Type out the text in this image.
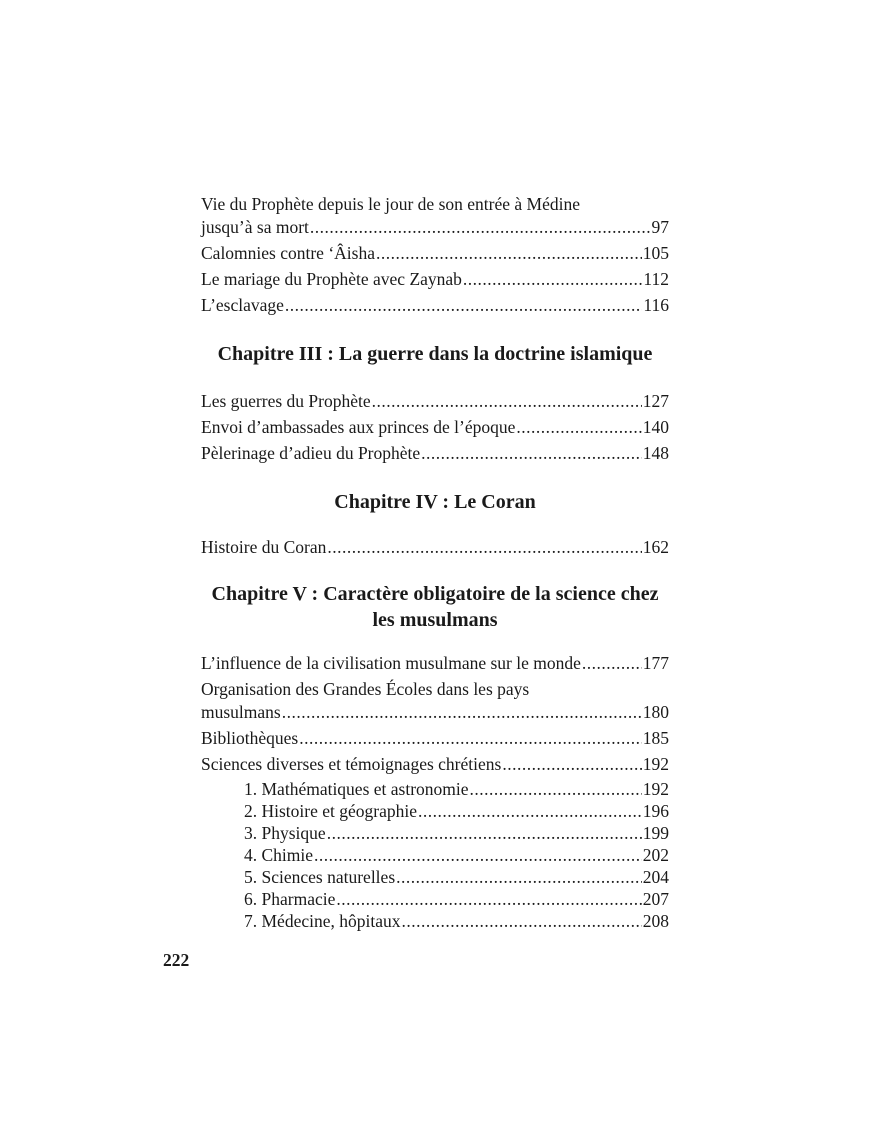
Vie du Prophète depuis le jour de son entrée à Médine
jusqu’à sa mort .....	97
Calomnies contre ‘Âisha .....	105
Le mariage du Prophète avec Zaynab .....	112
L’esclavage .....	116
Chapitre III : La guerre dans la doctrine islamique
Les guerres du Prophète .....	127
Envoi d’ambassades aux princes de l’époque .....	140
Pèlerinage d’adieu du Prophète .....	148
Chapitre IV : Le Coran
Histoire du Coran .....	162
Chapitre V : Caractère obligatoire de la science chez
les musulmans
L’influence de la civilisation musulmane sur le monde .....	177
Organisation des Grandes Écoles dans les pays
musulmans .....	180
Bibliothèques .....	185
Sciences diverses et témoignages chrétiens .....	192
1. Mathématiques et astronomie .....	192
2. Histoire et géographie .....	196
3. Physique .....	199
4. Chimie .....	202
5. Sciences naturelles .....	204
6. Pharmacie .....	207
7. Médecine, hôpitaux .....	208
222
